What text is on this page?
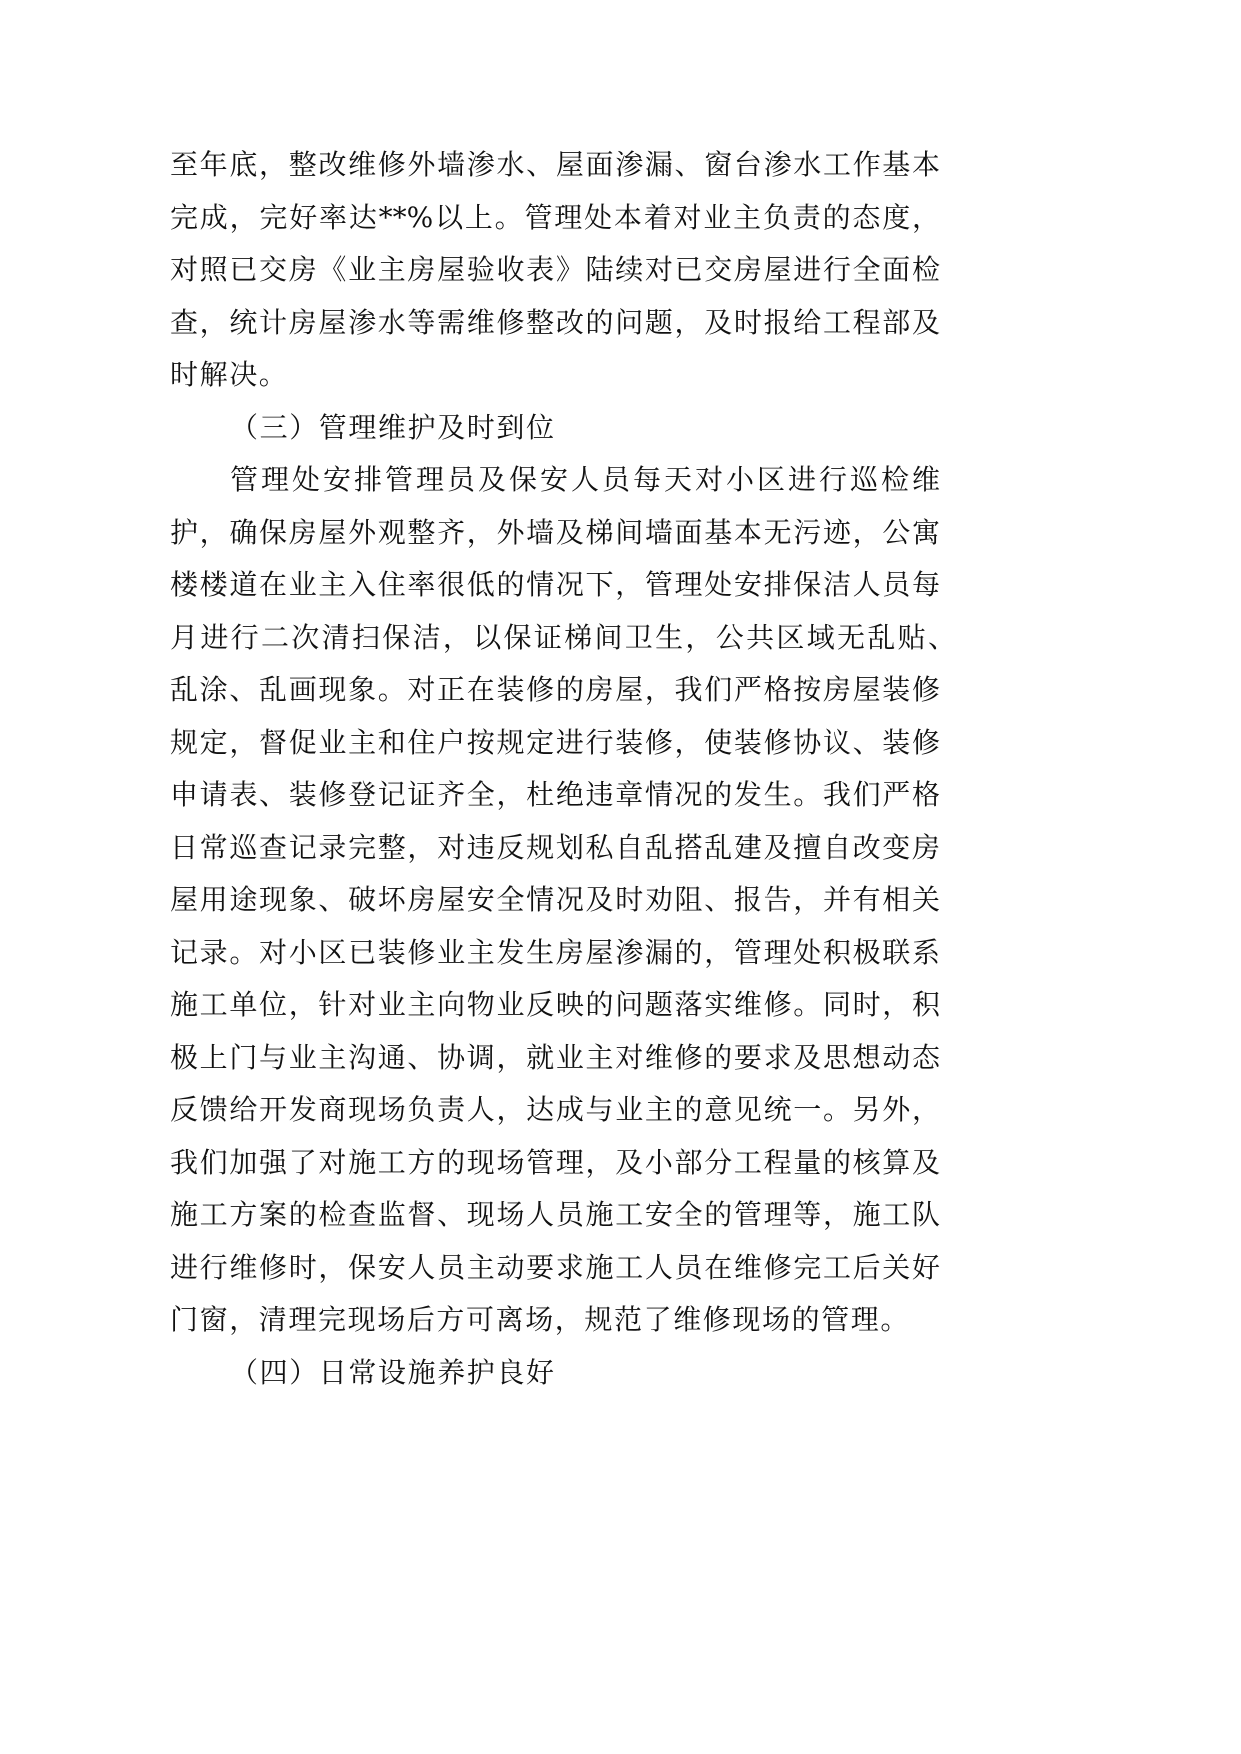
至年底，整改维修外墙渗水、屋面渗漏、窗台渗水工作基本
完成，完好率达**%以上。管理处本着对业主负责的态度，
对照已交房《业主房屋验收表》陆续对已交房屋进行全面检
查，统计房屋渗水等需维修整改的问题，及时报给工程部及
时解决。
（三）管理维护及时到位
管理处安排管理员及保安人员每天对小区进行巡检维
护，确保房屋外观整齐，外墙及梯间墙面基本无污迹，公寓
楼楼道在业主入住率很低的情况下，管理处安排保洁人员每
月进行二次清扫保洁，以保证梯间卫生，公共区域无乱贴、
乱涂、乱画现象。对正在装修的房屋，我们严格按房屋装修
规定，督促业主和住户按规定进行装修，使装修协议、装修
申请表、装修登记证齐全，杜绝违章情况的发生。我们严格
日常巡查记录完整，对违反规划私自乱搭乱建及擅自改变房
屋用途现象、破坏房屋安全情况及时劝阻、报告，并有相关
记录。对小区已装修业主发生房屋渗漏的，管理处积极联系
施工单位，针对业主向物业反映的问题落实维修。同时，积
极上门与业主沟通、协调，就业主对维修的要求及思想动态
反馈给开发商现场负责人，达成与业主的意见统一。另外，
我们加强了对施工方的现场管理，及小部分工程量的核算及
施工方案的检查监督、现场人员施工安全的管理等，施工队
进行维修时，保安人员主动要求施工人员在维修完工后关好
门窗，清理完现场后方可离场，规范了维修现场的管理。
（四）日常设施养护良好
